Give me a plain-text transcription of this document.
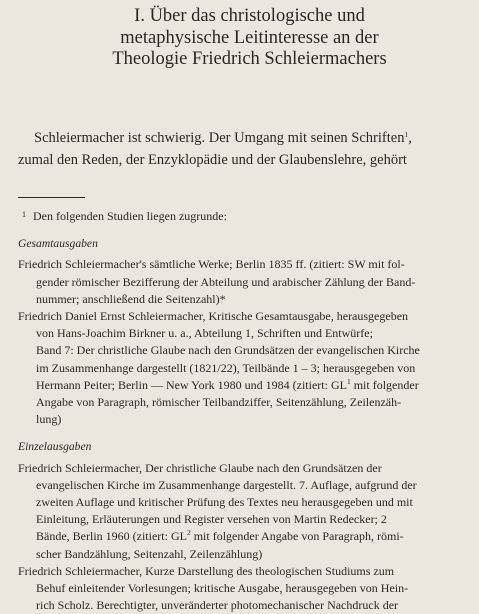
I. Über das christologische und
metaphysische Leitinteresse an der
Theologie Friedrich Schleiermachers
Schleiermacher ist schwierig. Der Umgang mit seinen Schriften$^1$,
zumal den Reden, der Enzyklopädie und der Glaubenslehre, gehört
$^1$ Den folgenden Studien liegen zugrunde:
Gesamtausgaben
Friedrich Schleiermacher's sämtliche Werke; Berlin 1835 ff. (zitiert: SW mit fol-
gender römischer Bezifferung der Abteilung und arabischer Zählung der Band-
nummer; anschließend die Seitenzahl)*
Friedrich Daniel Ernst Schleiermacher, Kritische Gesamtausgabe, herausgegeben
von Hans-Joachim Birkner u. a., Abteilung 1, Schriften und Entwürfe;
Band 7: Der christliche Glaube nach den Grundsätzen der evangelischen Kirche
im Zusammenhange dargestellt (1821/22), Teilbände 1 – 3; herausgegeben von
Hermann Peiter; Berlin — New York 1980 und 1984 (zitiert: $GL^1$ mit folgender
Angabe von Paragraph, römischer Teilbandziffer, Seitenzählung, Zeilenzäh-
lung)
Einzelausgaben
Friedrich Schleiermacher, Der christliche Glaube nach den Grundsätzen der
evangelischen Kirche im Zusammenhange dargestellt. 7. Auflage, aufgrund der
zweiten Auflage und kritischer Prüfung des Textes neu herausgegeben und mit
Einleitung, Erläuterungen und Register versehen von Martin Redecker; 2
Bände, Berlin 1960 (zitiert: $GL^2$ mit folgender Angabe von Paragraph, römi-
scher Bandzählung, Seitenzahl, Zeilenzählung)
Friedrich Schleiermacher, Kurze Darstellung des theologischen Studiums zum
Behuf einleitender Vorlesungen; kritische Ausgabe, herausgegeben von Hein-
rich Scholz. Berechtigter, unveränderter photomechanischer Nachdruck der
